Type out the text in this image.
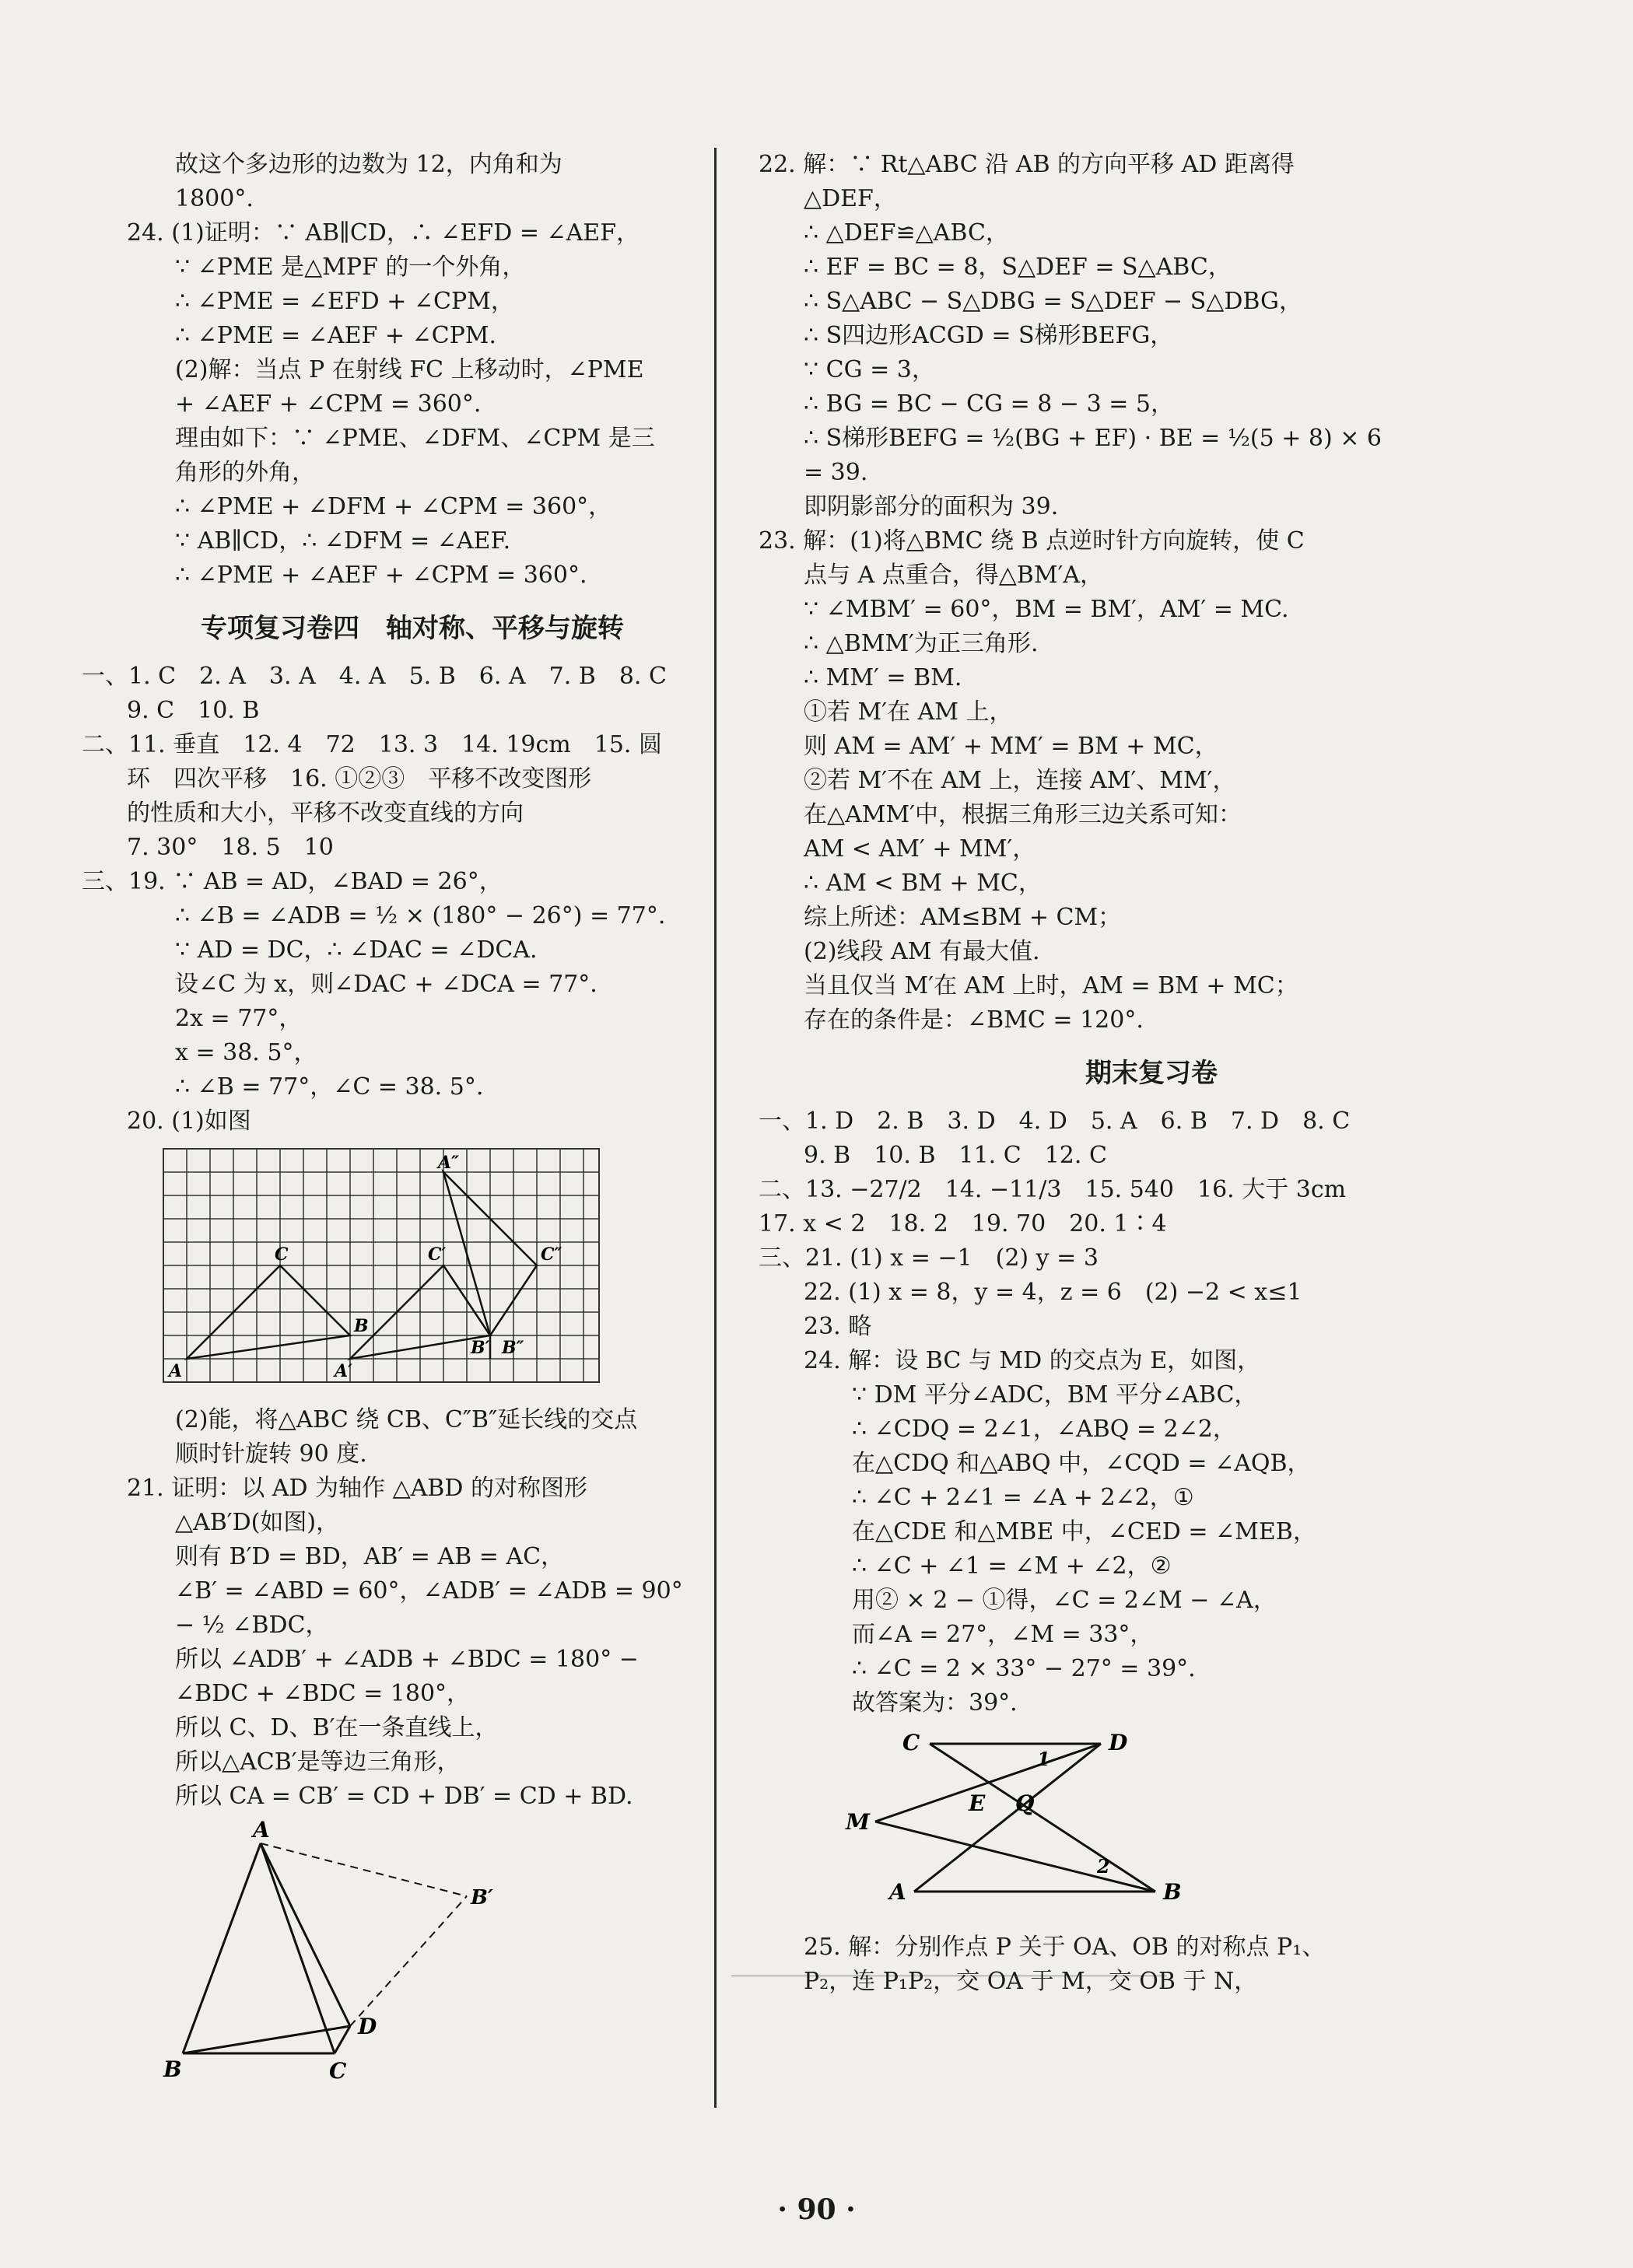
故这个多边形的边数为 12，内角和为
1800°.
24. (1)证明：∵ AB∥CD，∴ ∠EFD = ∠AEF，
∵ ∠PME 是△MPF 的一个外角，
∴ ∠PME = ∠EFD + ∠CPM，
∴ ∠PME = ∠AEF + ∠CPM.
(2)解：当点 P 在射线 FC 上移动时，∠PME
+ ∠AEF + ∠CPM = 360°.
理由如下：∵ ∠PME、∠DFM、∠CPM 是三
角形的外角，
∴ ∠PME + ∠DFM + ∠CPM = 360°，
∵ AB∥CD，∴ ∠DFM = ∠AEF.
∴ ∠PME + ∠AEF + ∠CPM = 360°.
专项复习卷四　轴对称、平移与旋转
一、1. C　2. A　3. A　4. A　5. B　6. A　7. B　8. C
9. C　10. B
二、11. 垂直　12. 4　72　13. 3　14. 19cm　15. 圆
环　四次平移　16. ①②③　平移不改变图形
的性质和大小，平移不改变直线的方向
7. 30°　18. 5　10
三、19. ∵ AB = AD，∠BAD = 26°，
∴ ∠B = ∠ADB = ½ × (180° − 26°) = 77°.
∵ AD = DC，∴ ∠DAC = ∠DCA.
设∠C 为 x，则∠DAC + ∠DCA = 77°.
2x = 77°，
x = 38. 5°，
∴ ∠B = 77°，∠C = 38. 5°.
20. (1)如图
A″
C	C′	C″
B
B′ B″
A	A′
(2)能，将△ABC 绕 CB、C″B″延长线的交点
顺时针旋转 90 度.
21. 证明：以 AD 为轴作 △ABD 的对称图形
△AB′D(如图)，
则有 B′D = BD，AB′ = AB = AC，
∠B′ = ∠ABD = 60°，∠ADB′ = ∠ADB = 90°
− ½ ∠BDC，
所以 ∠ADB′ + ∠ADB + ∠BDC = 180° −
∠BDC + ∠BDC = 180°，
所以 C、D、B′在一条直线上，
所以△ACB′是等边三角形，
所以 CA = CB′ = CD + DB′ = CD + BD.
A
B′
D
B	C
22. 解：∵ Rt△ABC 沿 AB 的方向平移 AD 距离得
△DEF，
∴ △DEF≌△ABC，
∴ EF = BC = 8，S△DEF = S△ABC，
∴ S△ABC − S△DBG = S△DEF − S△DBG，
∴ S四边形ACGD = S梯形BEFG，
∵ CG = 3，
∴ BG = BC − CG = 8 − 3 = 5，
∴ S梯形BEFG = ½(BG + EF) · BE = ½(5 + 8) × 6
= 39.
即阴影部分的面积为 39.
23. 解：(1)将△BMC 绕 B 点逆时针方向旋转，使 C
点与 A 点重合，得△BM′A，
∵ ∠MBM′ = 60°，BM = BM′，AM′ = MC.
∴ △BMM′为正三角形.
∴ MM′ = BM.
①若 M′在 AM 上，
则 AM = AM′ + MM′ = BM + MC，
②若 M′不在 AM 上，连接 AM′、MM′，
在△AMM′中，根据三角形三边关系可知：
AM < AM′ + MM′，
∴ AM < BM + MC，
综上所述：AM≤BM + CM；
(2)线段 AM 有最大值.
当且仅当 M′在 AM 上时，AM = BM + MC；
存在的条件是：∠BMC = 120°.
期末复习卷
一、1. D　2. B　3. D　4. D　5. A　6. B　7. D　8. C
9. B　10. B　11. C　12. C
二、13. −27/2　14. −11/3　15. 540　16. 大于 3cm
17. x < 2　18. 2　19. 70　20. 1∶4
三、21. (1) x = −1　(2) y = 3
22. (1) x = 8，y = 4，z = 6　(2) −2 < x≤1
23. 略
24. 解：设 BC 与 MD 的交点为 E，如图，
∵ DM 平分∠ADC，BM 平分∠ABC，
∴ ∠CDQ = 2∠1，∠ABQ = 2∠2，
在△CDQ 和△ABQ 中，∠CQD = ∠AQB，
∴ ∠C + 2∠1 = ∠A + 2∠2，①
在△CDE 和△MBE 中，∠CED = ∠MEB，
∴ ∠C + ∠1 = ∠M + ∠2，②
用② × 2 − ①得，∠C = 2∠M − ∠A，
而∠A = 27°，∠M = 33°，
∴ ∠C = 2 × 33° − 27° = 39°.
故答案为：39°.
C	D
1
E Q
M
2
A	B
25. 解：分别作点 P 关于 OA、OB 的对称点 P₁、
P₂，连 P₁P₂，交 OA 于 M，交 OB 于 N，
· 90 ·
